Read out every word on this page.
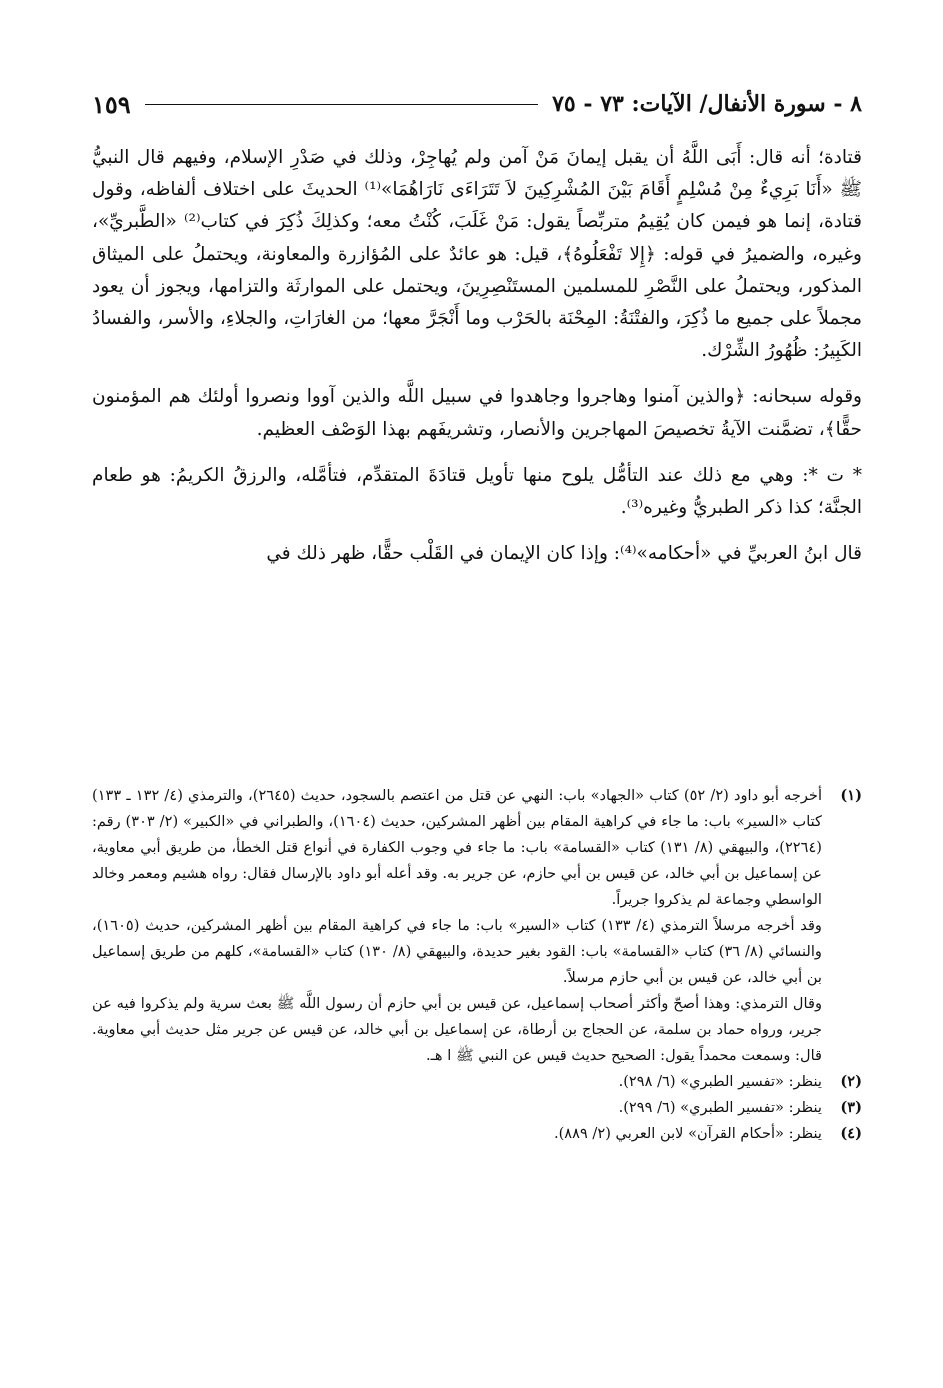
٨ - سورة الأنفال/ الآيات: ٧٣ - ٧٥
١٥٩

قتادة؛ أنه قال: أَبَى اللَّهُ أن يقبل إيمانَ مَنْ آمن ولم يُهاجِرْ، وذلك في صَدْرِ الإسلام، وفيهم قال النبيُّ ﷺ «أَنَا بَرِيءٌ مِنْ مُسْلِمٍ أَقَامَ بَيْنَ المُشْرِكِينَ لاَ تَتَرَاءَى نَارَاهُمَا»⁽¹⁾ الحديثَ على اختلاف ألفاظه، وقول قتادة، إنما هو فيمن كان يُقِيمُ متربِّصاً يقول: مَنْ غَلَبَ، كُنْتُ معه؛ وكذلِكَ ذُكِرَ في كتاب⁽²⁾ «الطَّبريِّ»، وغيره، والضميرُ في قوله: ﴿إِلا تَفْعَلُوهُ﴾، قيل: هو عائدٌ على المُؤازرة والمعاونة، ويحتملُ على الميثاق المذكور، ويحتملُ على النَّصْرِ للمسلمين المستَنْصِرِينَ، ويحتمل على الموارثَة والتزامها، ويجوز أن يعود مجملاً على جميع ما ذُكِرَ، والفتْنَةُ: المِحْنَة بالحَرْب وما أَنْجَرَّ معها؛ من الغارَاتِ، والجلاءِ، والأسر، والفسادُ الكَبِيرُ: ظُهُورُ الشِّرْك.

وقوله سبحانه: ﴿والذين آمنوا وهاجروا وجاهدوا في سبيل اللَّه والذين آووا ونصروا أولئك هم المؤمنون حقًّا﴾، تضمَّنت الآيةُ تخصيصَ المهاجرين والأنصار، وتشريفَهم بهذا الوَصْف العظيم.

* ت *: وهي مع ذلك عند التأمُّل يلوح منها تأويل قتادَةَ المتقدِّم، فتأمَّله، والرزقُ الكريمُ: هو طعام الجنَّة؛ كذا ذكر الطبريُّ وغيره⁽³⁾.

قال ابنُ العربيِّ في «أحكامه»⁽⁴⁾: وإذا كان الإيمان في القَلْب حقًّا، ظهر ذلك في

(١)

أخرجه أبو داود (٢/ ٥٢) كتاب «الجهاد» باب: النهي عن قتل من اعتصم بالسجود، حديث (٢٦٤٥)، والترمذي (٤/ ١٣٢ ـ ١٣٣) كتاب «السير» باب: ما جاء في كراهية المقام بين أظهر المشركين، حديث (١٦٠٤)، والطبراني في «الكبير» (٢/ ٣٠٣) رقم: (٢٢٦٤)، والبيهقي (٨/ ١٣١) كتاب «القسامة» باب: ما جاء في وجوب الكفارة في أنواع قتل الخطأ، من طريق أبي معاوية، عن إسماعيل بن أبي خالد، عن قيس بن أبي حازم، عن جرير به. وقد أعله أبو داود بالإرسال فقال: رواه هشيم ومعمر وخالد الواسطي وجماعة لم يذكروا جريراً.

وقد أخرجه مرسلاً الترمذي (٤/ ١٣٣) كتاب «السير» باب: ما جاء في كراهية المقام بين أظهر المشركين، حديث (١٦٠٥)، والنسائي (٨/ ٣٦) كتاب «القسامة» باب: القود بغير حديدة، والبيهقي (٨/ ١٣٠) كتاب «القسامة»، كلهم من طريق إسماعيل بن أبي خالد، عن قيس بن أبي حازم مرسلاً.

وقال الترمذي: وهذا أصحّ وأكثر أصحاب إسماعيل، عن قيس بن أبي حازم أن رسول اللَّه ﷺ بعث سرية ولم يذكروا فيه عن جرير، ورواه حماد بن سلمة، عن الحجاج بن أرطاة، عن إسماعيل بن أبي خالد، عن قيس عن جرير مثل حديث أبي معاوية. قال: وسمعت محمداً يقول: الصحيح حديث قيس عن النبي ﷺ ا هـ.

(٢)

ينظر: «تفسير الطبري» (٦/ ٢٩٨).

(٣)

ينظر: «تفسير الطبري» (٦/ ٢٩٩).

(٤)

ينظر: «أحكام القرآن» لابن العربي (٢/ ٨٨٩).
